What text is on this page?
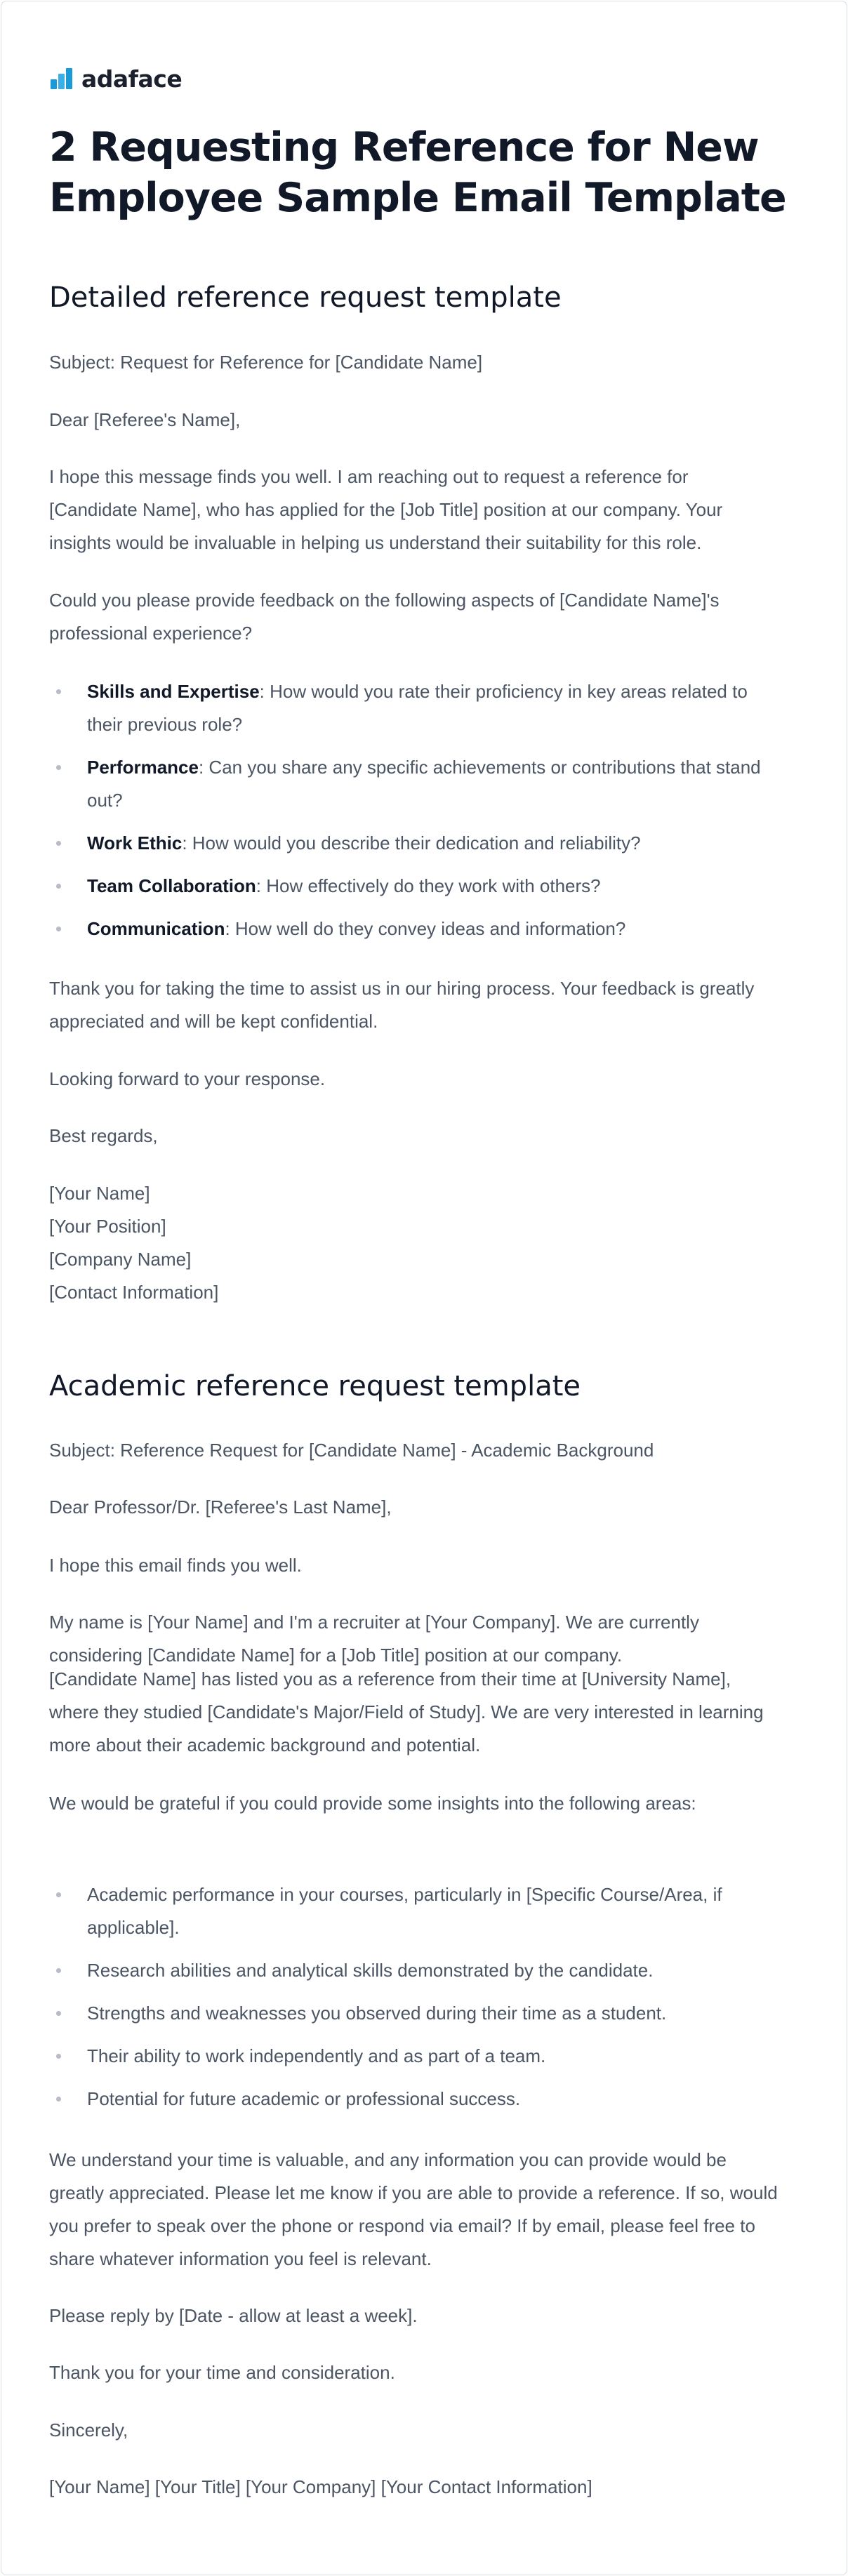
adaface
2 Requesting Reference for New
Employee Sample Email Template
Detailed reference request template
Subject: Request for Reference for [Candidate Name]
Dear [Referee's Name],

I hope this message finds you well. I am reaching out to request a reference for

[Candidate Name], who has applied for the [Job Title] position at our company. Your

insights would be invaluable in helping us understand their suitability for this role.

Could you please provide feedback on the following aspects of [Candidate Name]'s

professional experience?

Skills and Expertise: How would you rate their proficiency in key areas related to
their previous role?
Performance: Can you share any specific achievements or contributions that stand
out?
Work Ethic: How would you describe their dedication and reliability?
Team Collaboration: How effectively do they work with others?
Communication: How well do they convey ideas and information?

Thank you for taking the time to assist us in our hiring process. Your feedback is greatly

appreciated and will be kept confidential.

Looking forward to your response.
Best regards,

[Your Name]

[Your Position]

[Company Name]

[Contact Information]

Academic reference request template
Subject: Reference Request for [Candidate Name] - Academic Background
Dear Professor/Dr. [Referee's Last Name],
I hope this email finds you well.

My name is [Your Name] and I'm a recruiter at [Your Company]. We are currently

considering [Candidate Name] for a [Job Title] position at our company.

[Candidate Name] has listed you as a reference from their time at [University Name],

where they studied [Candidate's Major/Field of Study]. We are very interested in learning

more about their academic background and potential.

We would be grateful if you could provide some insights into the following areas:
Academic performance in your courses, particularly in [Specific Course/Area, if
applicable].
Research abilities and analytical skills demonstrated by the candidate.
Strengths and weaknesses you observed during their time as a student.
Their ability to work independently and as part of a team.
Potential for future academic or professional success.

We understand your time is valuable, and any information you can provide would be

greatly appreciated. Please let me know if you are able to provide a reference. If so, would

you prefer to speak over the phone or respond via email? If by email, please feel free to

share whatever information you feel is relevant.

Please reply by [Date - allow at least a week].
Thank you for your time and consideration.
Sincerely,
[Your Name] [Your Title] [Your Company] [Your Contact Information]
